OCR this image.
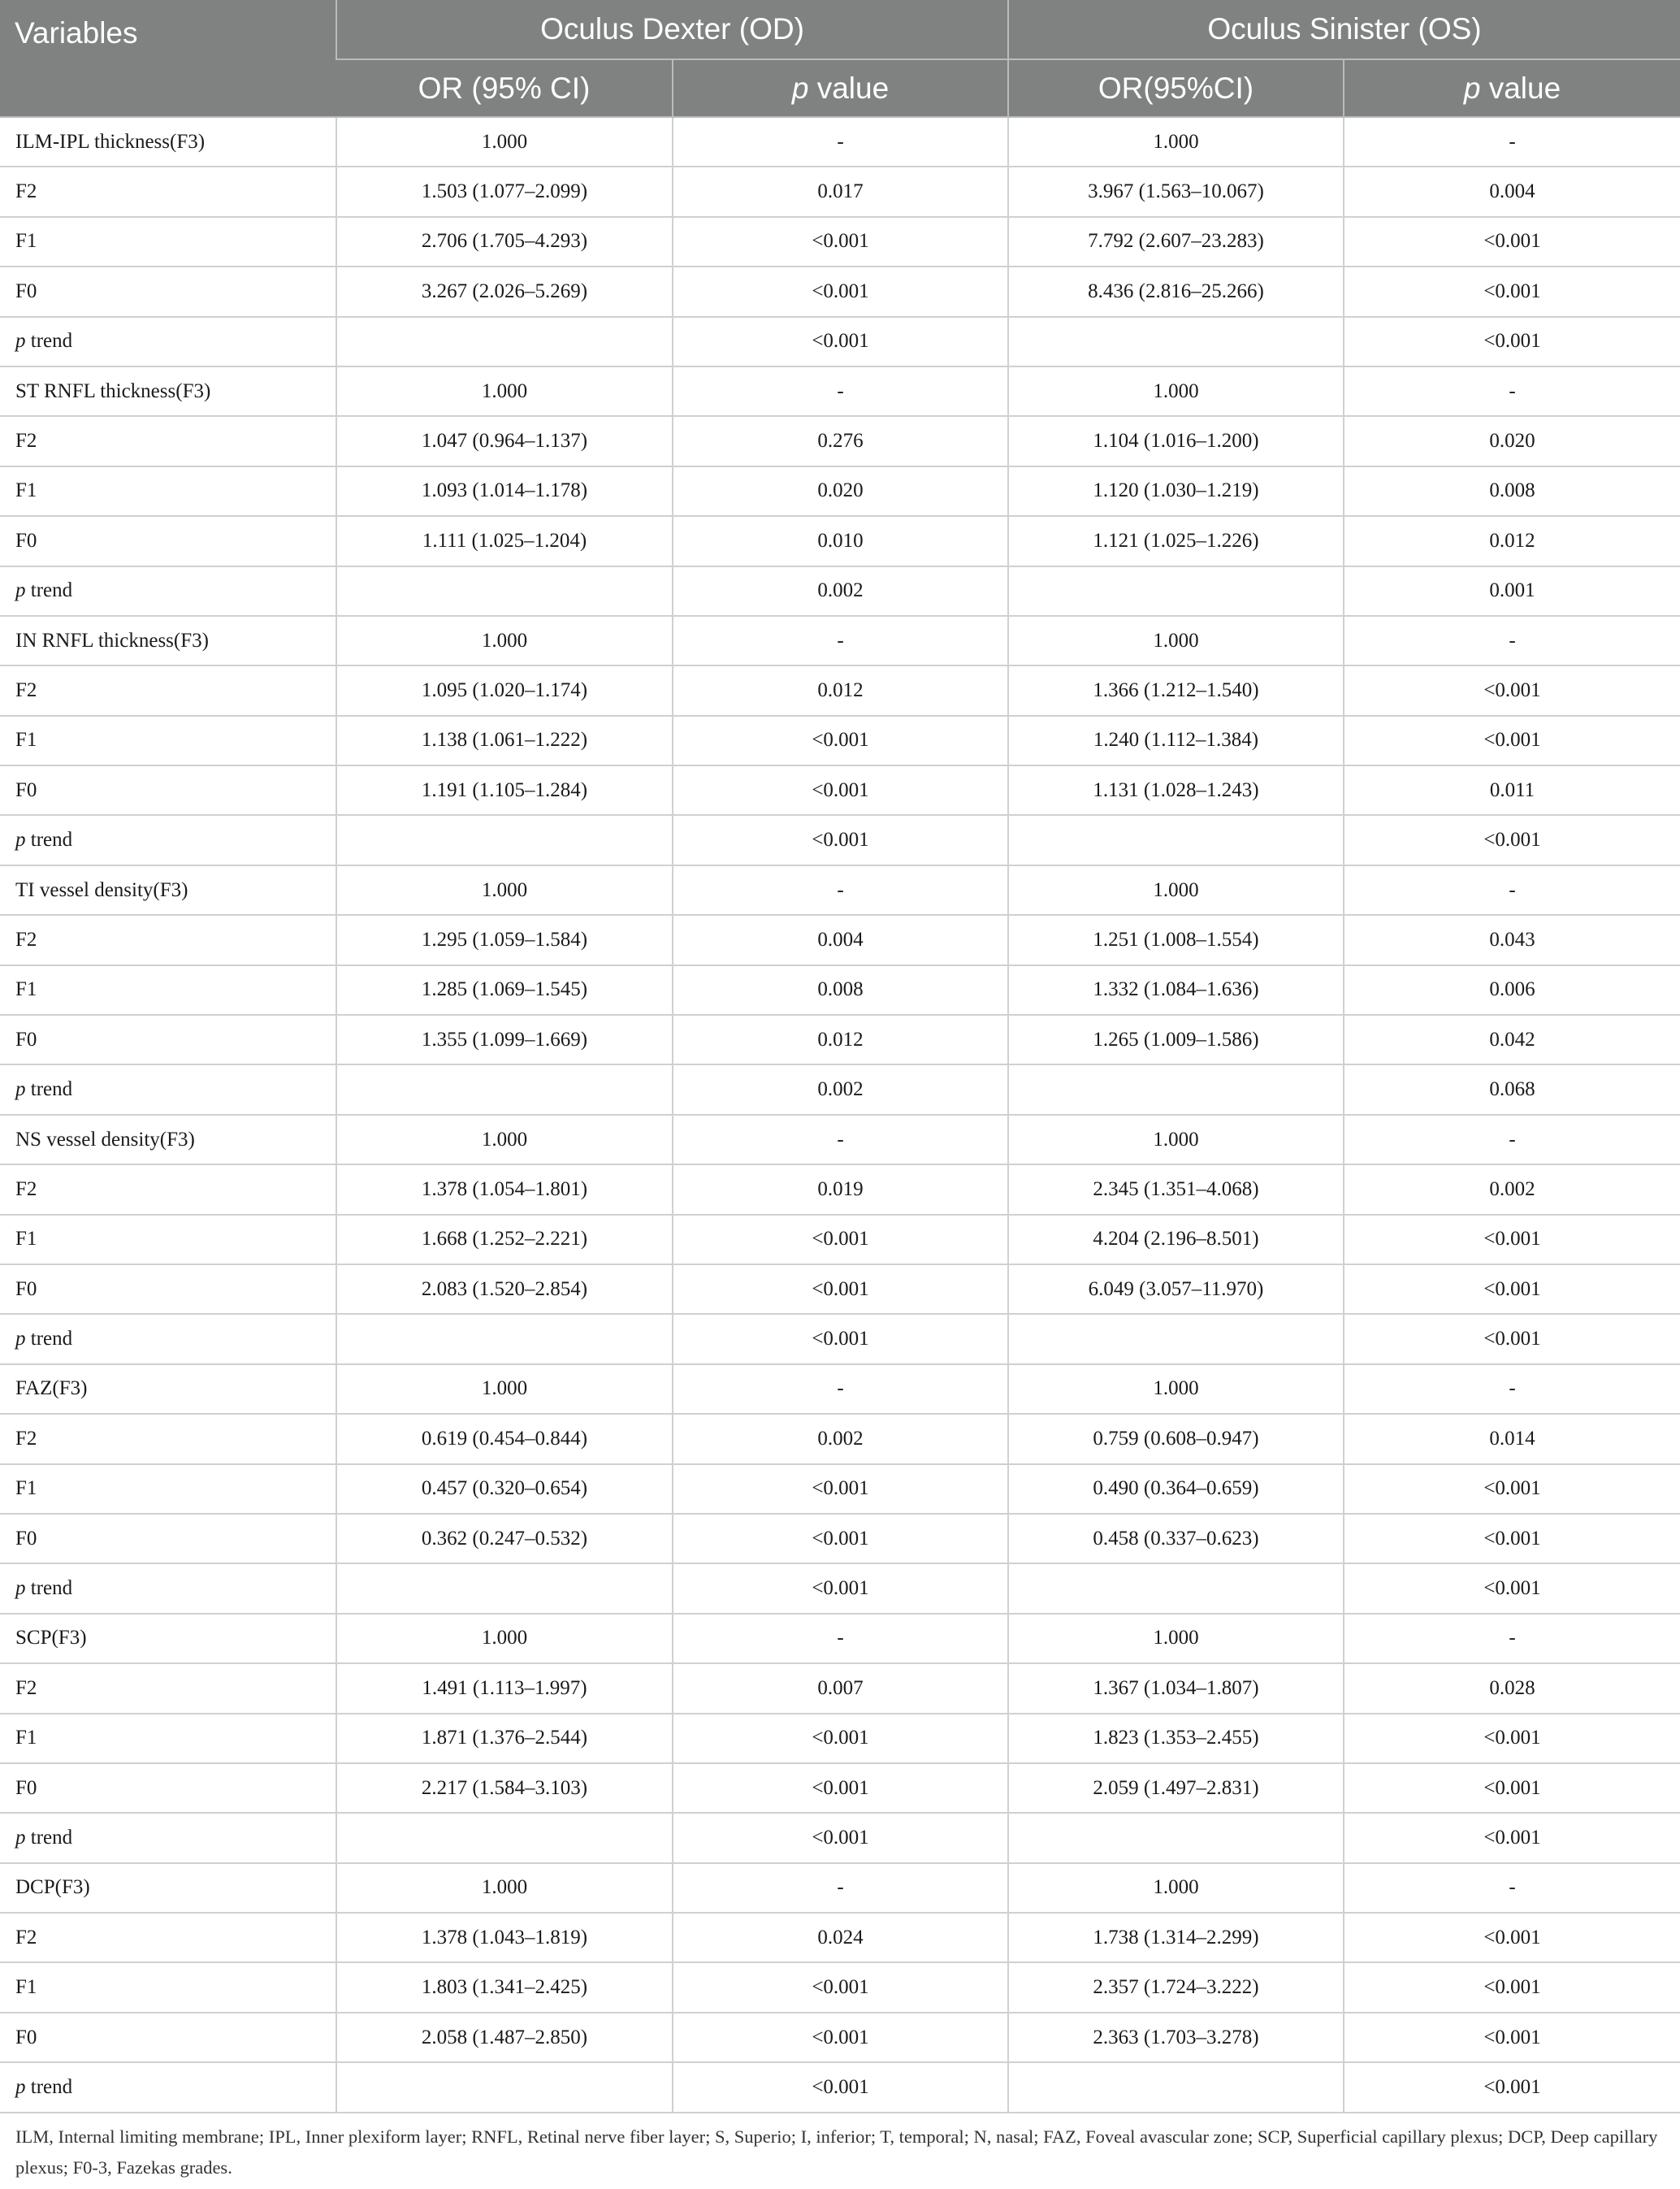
Variables	Oculus Dexter (OD)		Oculus Sinister (OS)	
	OR (95% CI)	p value	OR(95%CI)	p value
ILM-IPL thickness(F3)	1.000	-	1.000	-
F2	1.503 (1.077–2.099)	0.017	3.967 (1.563–10.067)	0.004
F1	2.706 (1.705–4.293)	<0.001	7.792 (2.607–23.283)	<0.001
F0	3.267 (2.026–5.269)	<0.001	8.436 (2.816–25.266)	<0.001
p trend		<0.001		<0.001
ST RNFL thickness(F3)	1.000	-	1.000	-
F2	1.047 (0.964–1.137)	0.276	1.104 (1.016–1.200)	0.020
F1	1.093 (1.014–1.178)	0.020	1.120 (1.030–1.219)	0.008
F0	1.111 (1.025–1.204)	0.010	1.121 (1.025–1.226)	0.012
p trend		0.002		0.001
IN RNFL thickness(F3)	1.000	-	1.000	-
F2	1.095 (1.020–1.174)	0.012	1.366 (1.212–1.540)	<0.001
F1	1.138 (1.061–1.222)	<0.001	1.240 (1.112–1.384)	<0.001
F0	1.191 (1.105–1.284)	<0.001	1.131 (1.028–1.243)	0.011
p trend		<0.001		<0.001
TI vessel density(F3)	1.000	-	1.000	-
F2	1.295 (1.059–1.584)	0.004	1.251 (1.008–1.554)	0.043
F1	1.285 (1.069–1.545)	0.008	1.332 (1.084–1.636)	0.006
F0	1.355 (1.099–1.669)	0.012	1.265 (1.009–1.586)	0.042
p trend		0.002		0.068
NS vessel density(F3)	1.000	-	1.000	-
F2	1.378 (1.054–1.801)	0.019	2.345 (1.351–4.068)	0.002
F1	1.668 (1.252–2.221)	<0.001	4.204 (2.196–8.501)	<0.001
F0	2.083 (1.520–2.854)	<0.001	6.049 (3.057–11.970)	<0.001
p trend		<0.001		<0.001
FAZ(F3)	1.000	-	1.000	-
F2	0.619 (0.454–0.844)	0.002	0.759 (0.608–0.947)	0.014
F1	0.457 (0.320–0.654)	<0.001	0.490 (0.364–0.659)	<0.001
F0	0.362 (0.247–0.532)	<0.001	0.458 (0.337–0.623)	<0.001
p trend		<0.001		<0.001
SCP(F3)	1.000	-	1.000	-
F2	1.491 (1.113–1.997)	0.007	1.367 (1.034–1.807)	0.028
F1	1.871 (1.376–2.544)	<0.001	1.823 (1.353–2.455)	<0.001
F0	2.217 (1.584–3.103)	<0.001	2.059 (1.497–2.831)	<0.001
p trend		<0.001		<0.001
DCP(F3)	1.000	-	1.000	-
F2	1.378 (1.043–1.819)	0.024	1.738 (1.314–2.299)	<0.001
F1	1.803 (1.341–2.425)	<0.001	2.357 (1.724–3.222)	<0.001
F0	2.058 (1.487–2.850)	<0.001	2.363 (1.703–3.278)	<0.001
p trend		<0.001		<0.001
ILM, Internal limiting membrane; IPL, Inner plexiform layer; RNFL, Retinal nerve fiber layer; S, Superio; I, inferior; T, temporal; N, nasal; FAZ, Foveal avascular zone; SCP, Superficial capillary plexus; DCP, Deep capillary plexus; F0-3, Fazekas grades.
